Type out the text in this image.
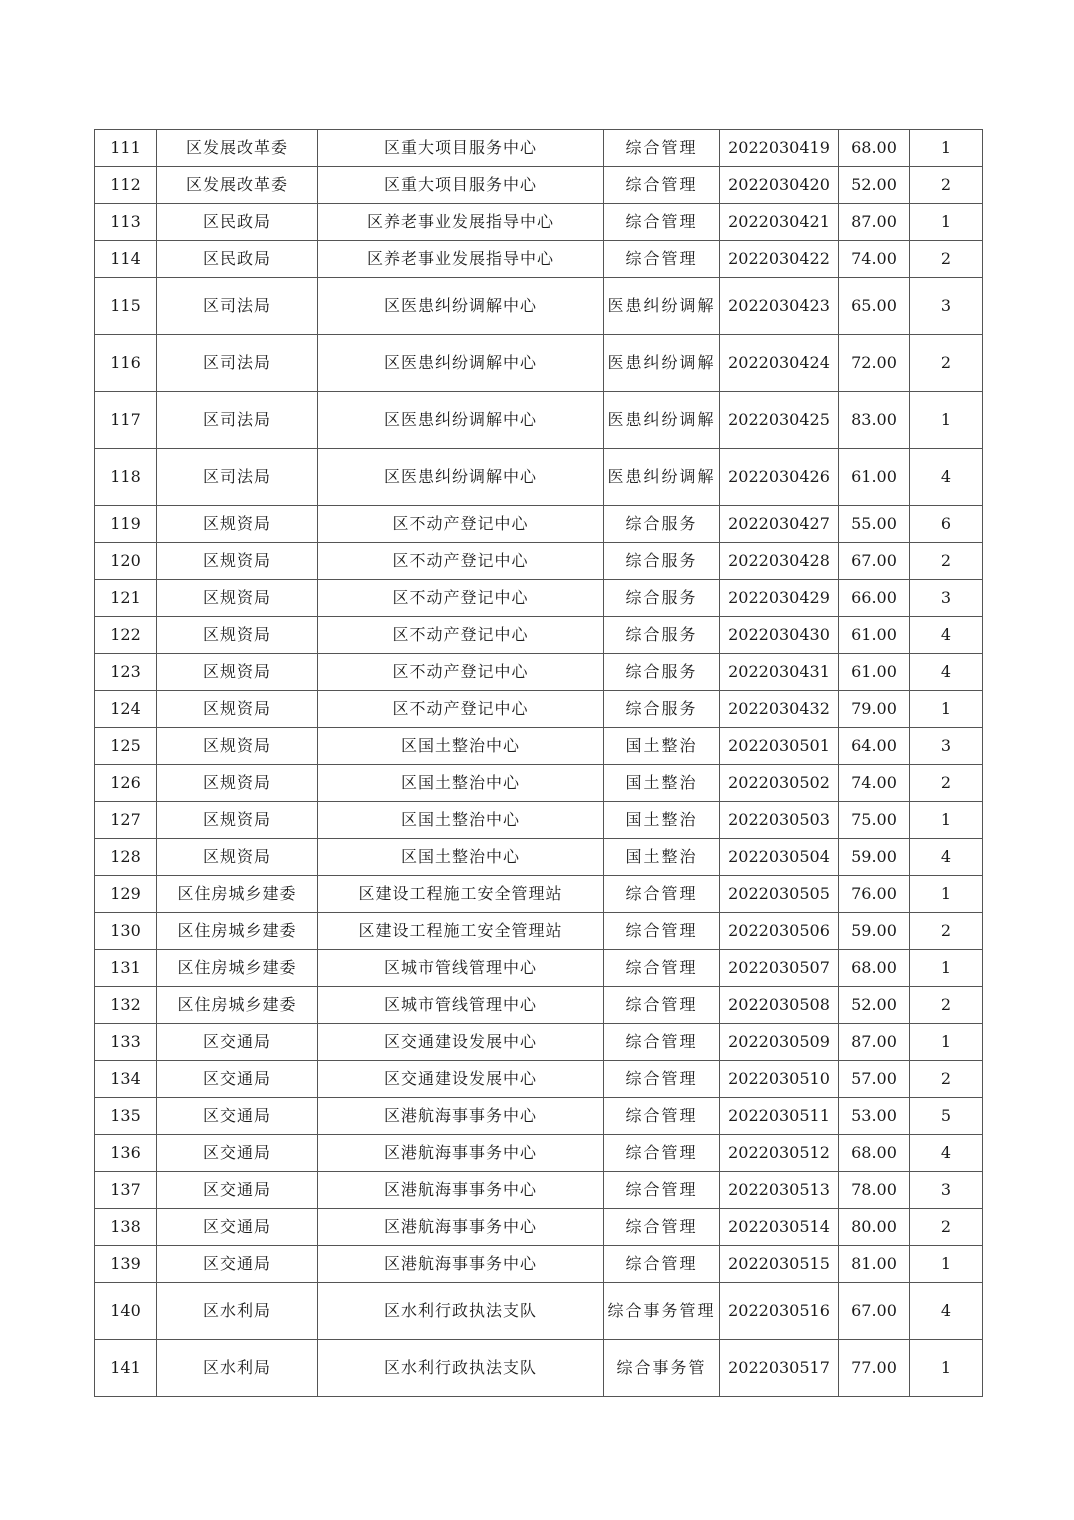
111	区发展改革委	区重大项目服务中心	综合管理	2022030419	68.00	1
112	区发展改革委	区重大项目服务中心	综合管理	2022030420	52.00	2
113	区民政局	区养老事业发展指导中心	综合管理	2022030421	87.00	1
114	区民政局	区养老事业发展指导中心	综合管理	2022030422	74.00	2
115	区司法局	区医患纠纷调解中心	医患纠纷调解	2022030423	65.00	3
116	区司法局	区医患纠纷调解中心	医患纠纷调解	2022030424	72.00	2
117	区司法局	区医患纠纷调解中心	医患纠纷调解	2022030425	83.00	1
118	区司法局	区医患纠纷调解中心	医患纠纷调解	2022030426	61.00	4
119	区规资局	区不动产登记中心	综合服务	2022030427	55.00	6
120	区规资局	区不动产登记中心	综合服务	2022030428	67.00	2
121	区规资局	区不动产登记中心	综合服务	2022030429	66.00	3
122	区规资局	区不动产登记中心	综合服务	2022030430	61.00	4
123	区规资局	区不动产登记中心	综合服务	2022030431	61.00	4
124	区规资局	区不动产登记中心	综合服务	2022030432	79.00	1
125	区规资局	区国土整治中心	国土整治	2022030501	64.00	3
126	区规资局	区国土整治中心	国土整治	2022030502	74.00	2
127	区规资局	区国土整治中心	国土整治	2022030503	75.00	1
128	区规资局	区国土整治中心	国土整治	2022030504	59.00	4
129	区住房城乡建委	区建设工程施工安全管理站	综合管理	2022030505	76.00	1
130	区住房城乡建委	区建设工程施工安全管理站	综合管理	2022030506	59.00	2
131	区住房城乡建委	区城市管线管理中心	综合管理	2022030507	68.00	1
132	区住房城乡建委	区城市管线管理中心	综合管理	2022030508	52.00	2
133	区交通局	区交通建设发展中心	综合管理	2022030509	87.00	1
134	区交通局	区交通建设发展中心	综合管理	2022030510	57.00	2
135	区交通局	区港航海事事务中心	综合管理	2022030511	53.00	5
136	区交通局	区港航海事事务中心	综合管理	2022030512	68.00	4
137	区交通局	区港航海事事务中心	综合管理	2022030513	78.00	3
138	区交通局	区港航海事事务中心	综合管理	2022030514	80.00	2
139	区交通局	区港航海事事务中心	综合管理	2022030515	81.00	1
140	区水利局	区水利行政执法支队	综合事务管理	2022030516	67.00	4
141	区水利局	区水利行政执法支队	综合事务管	2022030517	77.00	1
